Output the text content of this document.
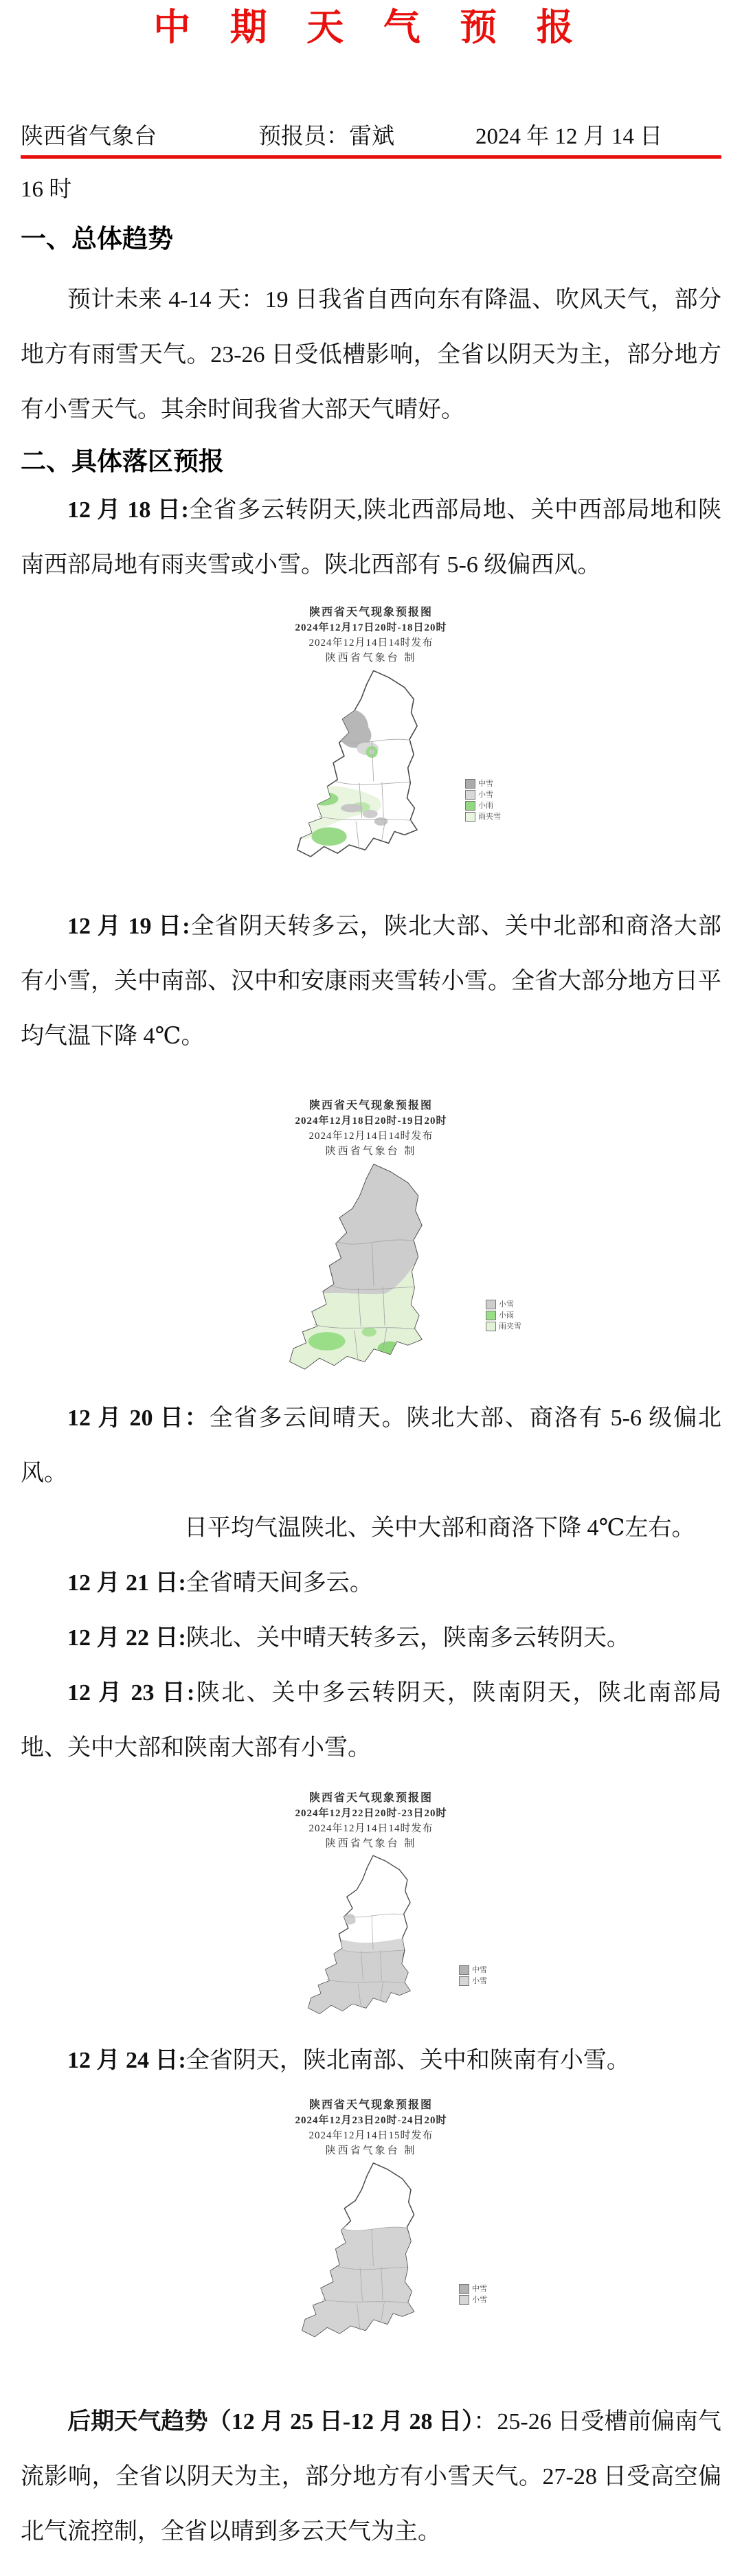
中 期 天 气 预 报
陕西省气象台	预报员：雷斌	2024 年 12 月 14 日
16 时
一、总体趋势

预计未来 4-14 天：19 日我省自西向东有降温、吹风天气，部分地方有雨雪天气。23-26 日受低槽影响，全省以阴天为主，部分地方有小雪天气。其余时间我省大部天气晴好。

二、具体落区预报

12 月 18 日:全省多云转阴天,陕北西部局地、关中西部局地和陕南西部局地有雨夹雪或小雪。陕北西部有 5-6 级偏西风。

陕西省天气现象预报图
2024年12月17日20时-18日20时
2024年12月14日14时发布
陕西省气象台 制
中雪
小雪
小雨
雨夹雪

12 月 19 日:全省阴天转多云，陕北大部、关中北部和商洛大部有小雪，关中南部、汉中和安康雨夹雪转小雪。全省大部分地方日平均气温下降 4℃。

陕西省天气现象预报图
2024年12月18日20时-19日20时
2024年12月14日14时发布
陕西省气象台 制
小雪
小雨
雨夹雪

12 月 20 日：全省多云间晴天。陕北大部、商洛有 5-6 级偏北风。
日平均气温陕北、关中大部和商洛下降 4℃左右。

12 月 21 日:全省晴天间多云。

12 月 22 日:陕北、关中晴天转多云，陕南多云转阴天。

12 月 23 日:陕北、关中多云转阴天，陕南阴天，陕北南部局地、关中大部和陕南大部有小雪。

陕西省天气现象预报图
2024年12月22日20时-23日20时
2024年12月14日14时发布
陕西省气象台 制
中雪
小雪

12 月 24 日:全省阴天，陕北南部、关中和陕南有小雪。

陕西省天气现象预报图
2024年12月23日20时-24日20时
2024年12月14日15时发布
陕西省气象台 制
中雪
小雪

后期天气趋势（12 月 25 日-12 月 28 日）：25-26 日受槽前偏南气流影响，全省以阴天为主，部分地方有小雪天气。27-28 日受高空偏北气流控制，全省以晴到多云天气为主。
